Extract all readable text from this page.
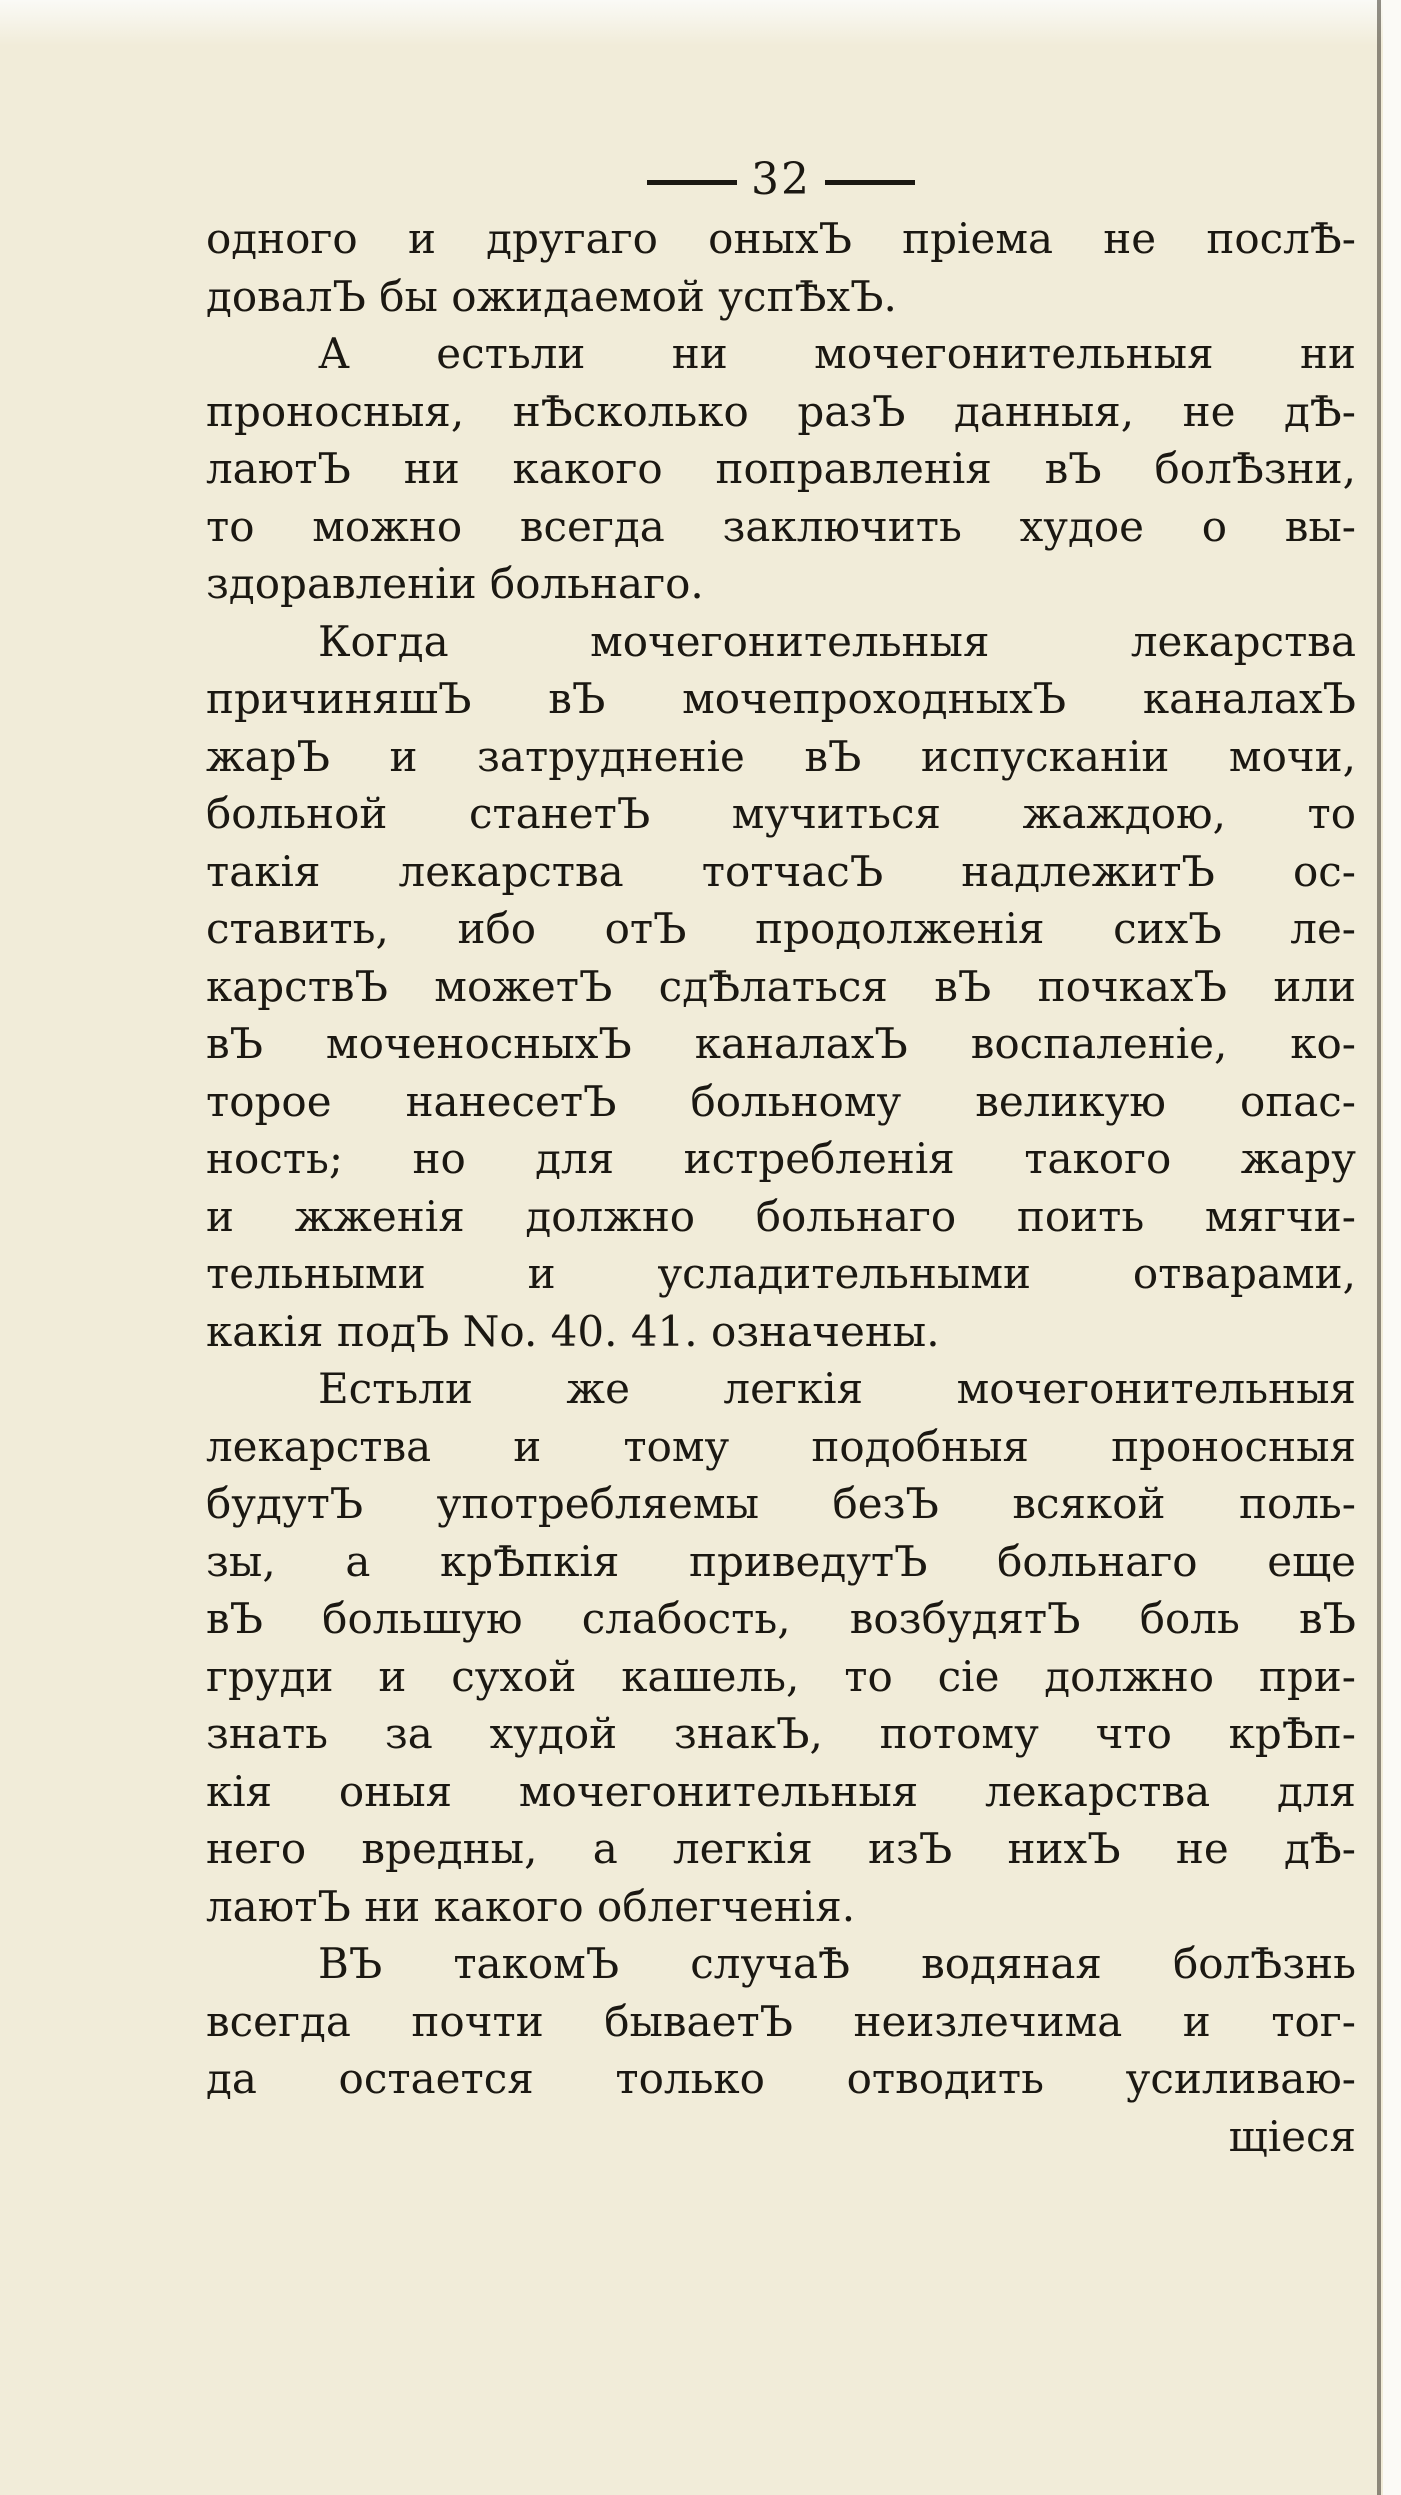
32
одного и другаго оныхЪ пріема не послѢ-
довалЪ бы ожидаемой успѢхЪ.
А естьли ни мочегонительныя ни
проносныя, нѢсколько разЪ данныя, не дѢ-
лаютЪ ни какого поправленія вЪ болѢзни,
то можно всегда заключить худое о вы-
здоравленіи больнаго.
Когда мочегонительныя лекарства
причиняшЪ вЪ мочепроходныхЪ каналахЪ
жарЪ и затрудненіе вЪ испусканіи мочи,
больной станетЪ мучиться жаждою, то
такія лекарства тотчасЪ надлежитЪ ос-
ставить, ибо отЪ продолженія сихЪ ле-
карствЪ можетЪ сдѢлаться вЪ почкахЪ или
вЪ моченосныхЪ каналахЪ воспаленіе, ко-
торое нанесетЪ больному великую опас-
ность; но для истребленія такого жару
и жженія должно больнаго поить мягчи-
тельными и усладительными отварами,
какія подЪ No. 40. 41. означены.
Естьли же легкія мочегонительныя
лекарства и тому подобныя проносныя
будутЪ употребляемы безЪ всякой поль-
зы, а крѢпкія приведутЪ больнаго еще
вЪ большую слабость, возбудятЪ боль вЪ
груди и сухой кашель, то сіе должно при-
знать за худой знакЪ, потому что крѢп-
кія оныя мочегонительныя лекарства для
него вредны, а легкія изЪ нихЪ не дѢ-
лаютЪ ни какого облегченія.
ВЪ такомЪ случаѢ водяная болѢзнь
всегда почти бываетЪ неизлечима и тог-
да остается только отводить усиливаю-
щіеся
